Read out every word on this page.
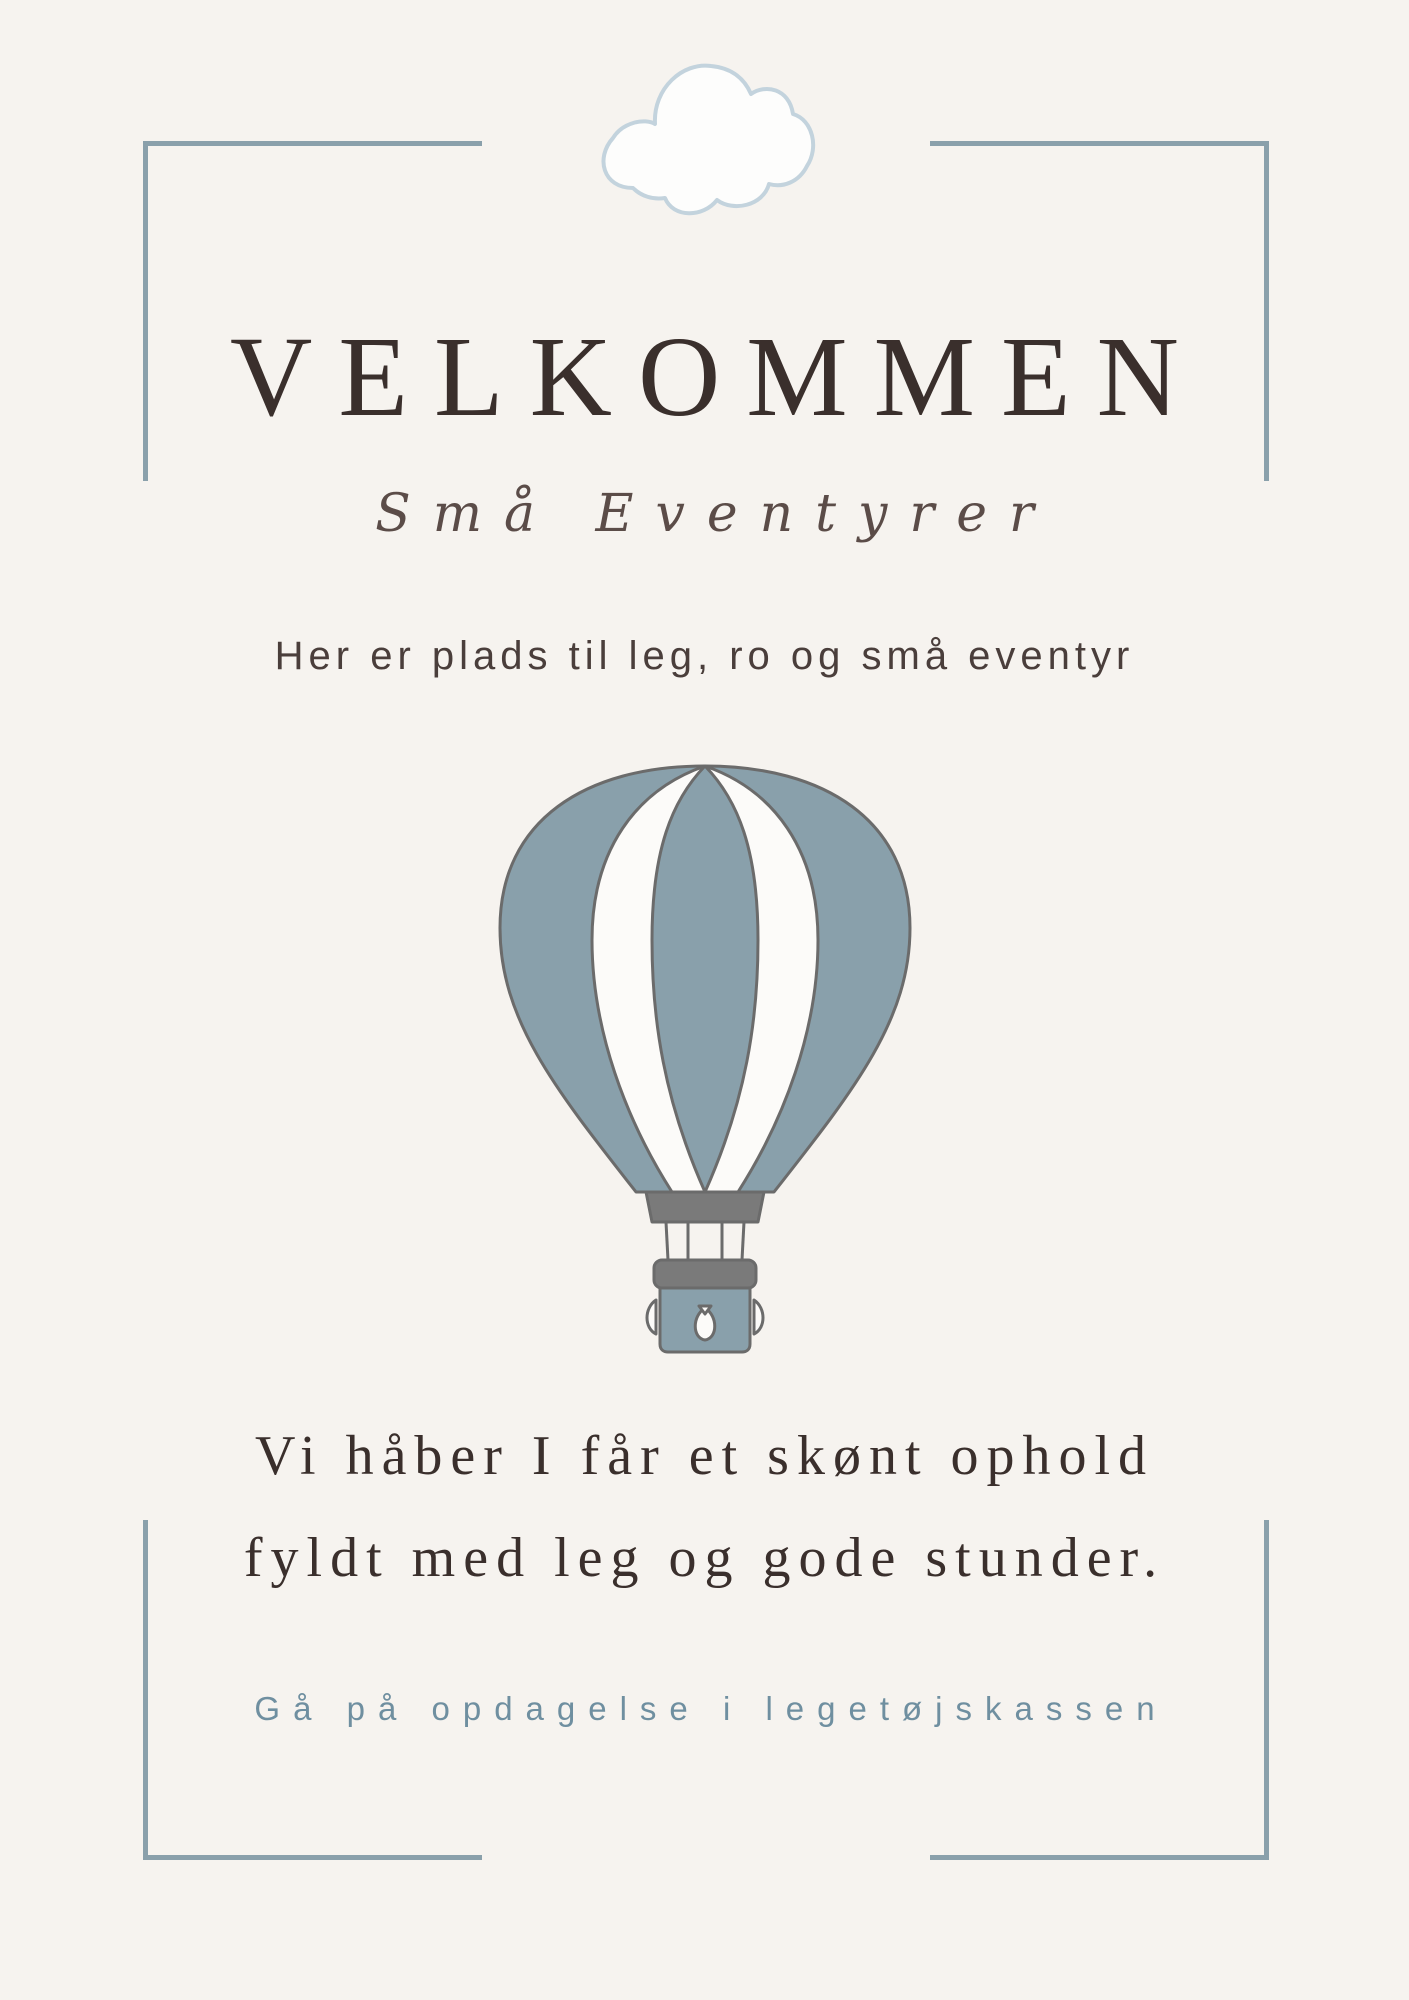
VELKOMMEN
Små Eventyrer
Her er plads til leg, ro og små eventyr
Vi håber I får et skønt ophold
fyldt med leg og gode stunder.
Gå på opdagelse i legetøjskassen
